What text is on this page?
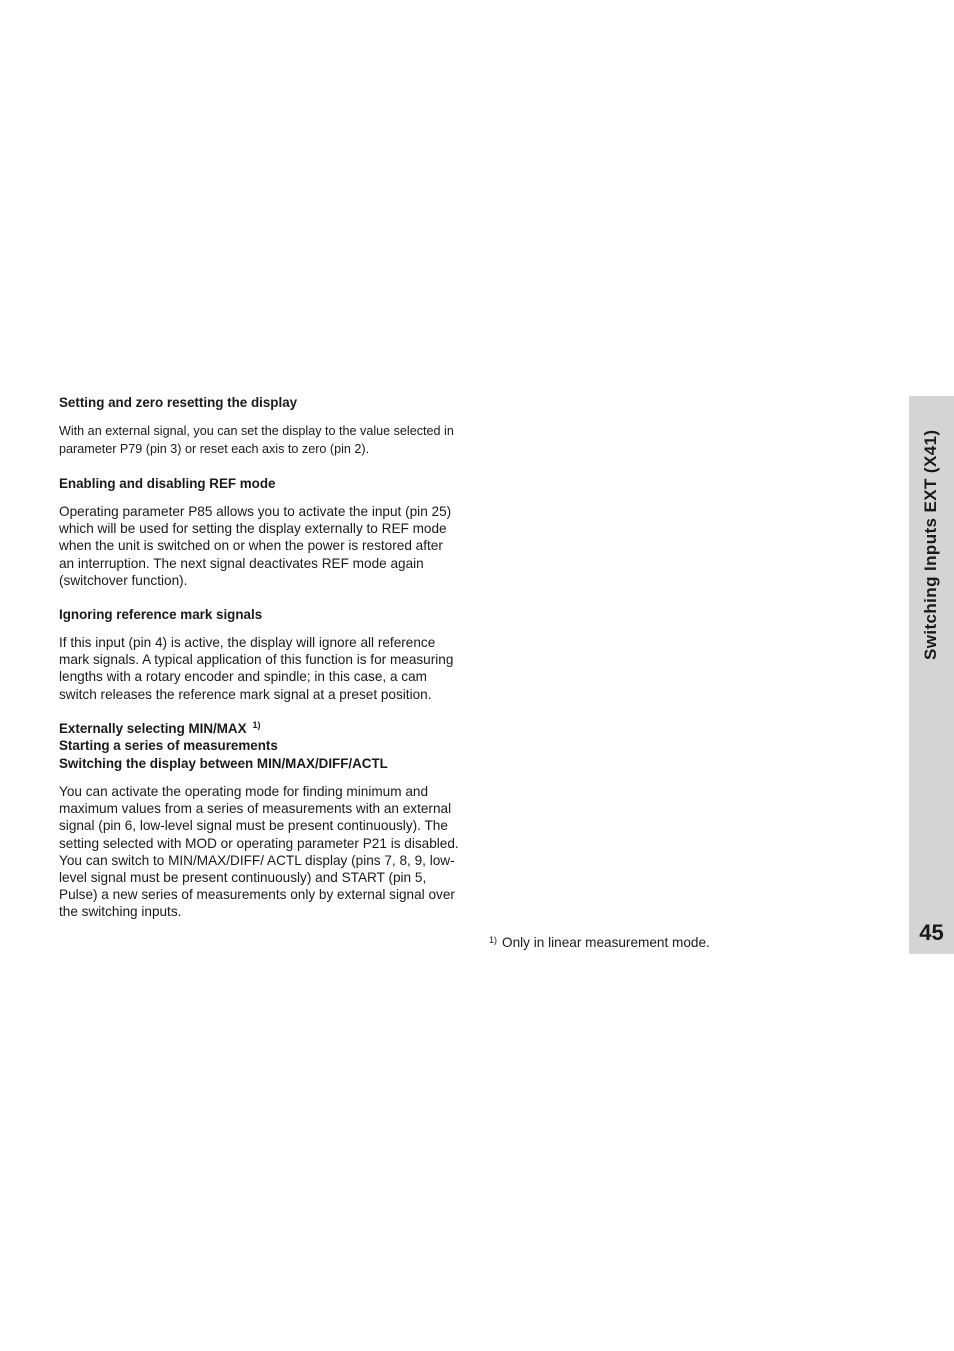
Setting and zero resetting the display
With an external signal, you can set the display to the value selected in parameter P79 (pin 3) or reset each axis to zero (pin 2).
Enabling and disabling REF mode
Operating parameter P85 allows you to activate the input (pin 25) which will be used for setting the display externally to REF mode when the unit is switched on or when the power is restored after an interruption. The next signal deactivates REF mode again (switchover function).
Ignoring reference mark signals
If this input (pin 4) is active, the display will ignore all reference mark signals. A typical application of this function is for measuring lengths with a rotary encoder and spindle; in this case, a cam switch releases the reference mark signal at a preset position.
Externally selecting MIN/MAX $^{1)}$
Starting a series of measurements
Switching the display between MIN/MAX/DIFF/ACTL
You can activate the operating mode for finding minimum and maximum values from a series of measurements with an external signal (pin 6, low-level signal must be present continuously). The setting selected with MOD or operating parameter P21 is disabled. You can switch to MIN/MAX/DIFF/ ACTL display (pins 7, 8, 9, low-level signal must be present continuously) and START (pin 5, Pulse) a new series of measurements only by external signal over the switching inputs.
$^{1)}$ Only in linear measurement mode.
Switching Inputs EXT (X41)
45
